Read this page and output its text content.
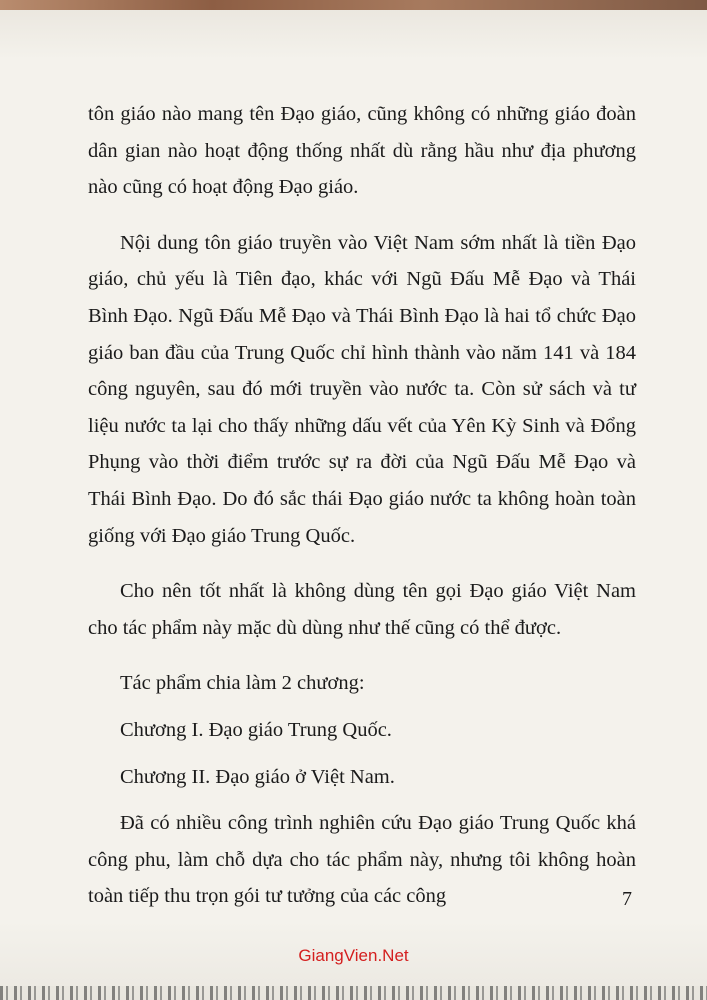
tôn giáo nào mang tên Đạo giáo, cũng không có những giáo đoàn dân gian nào hoạt động thống nhất dù rằng hầu như địa phương nào cũng có hoạt động Đạo giáo.

Nội dung tôn giáo truyền vào Việt Nam sớm nhất là tiền Đạo giáo, chủ yếu là Tiên đạo, khác với Ngũ Đấu Mễ Đạo và Thái Bình Đạo. Ngũ Đấu Mễ Đạo và Thái Bình Đạo là hai tổ chức Đạo giáo ban đầu của Trung Quốc chỉ hình thành vào năm 141 và 184 công nguyên, sau đó mới truyền vào nước ta. Còn sử sách và tư liệu nước ta lại cho thấy những dấu vết của Yên Kỳ Sinh và Đổng Phụng vào thời điểm trước sự ra đời của Ngũ Đấu Mễ Đạo và Thái Bình Đạo. Do đó sắc thái Đạo giáo nước ta không hoàn toàn giống với Đạo giáo Trung Quốc.

Cho nên tốt nhất là không dùng tên gọi Đạo giáo Việt Nam cho tác phẩm này mặc dù dùng như thế cũng có thể được.

Tác phẩm chia làm 2 chương:

Chương I. Đạo giáo Trung Quốc.

Chương II. Đạo giáo ở Việt Nam.

Đã có nhiều công trình nghiên cứu Đạo giáo Trung Quốc khá công phu, làm chỗ dựa cho tác phẩm này, nhưng tôi không hoàn toàn tiếp thu trọn gói tư tưởng của các công	7
GiangVien.Net
